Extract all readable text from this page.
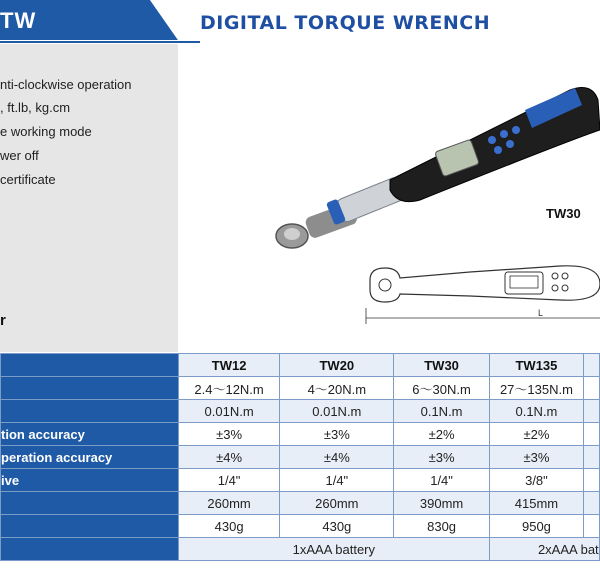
TW	DIGITAL TORQUE WRENCH
nti-clockwise operation
, ft.lb, kg.cm
e working mode
wer off
certificate
r
TW30
L
	TW12	TW20	TW30	TW135	
	2.4～12N.m	4～20N.m	6～30N.m	27～135N.m	
	0.01N.m	0.01N.m	0.1N.m	0.1N.m	
tion accuracy	±3%	±3%	±2%	±2%	
peration accuracy	±4%	±4%	±3%	±3%	
ive	1/4"	1/4"	1/4"	3/8"	
	260mm	260mm	390mm	415mm	
	430g	430g	830g	950g	
	1xAAA battery			2xAAA bat	
